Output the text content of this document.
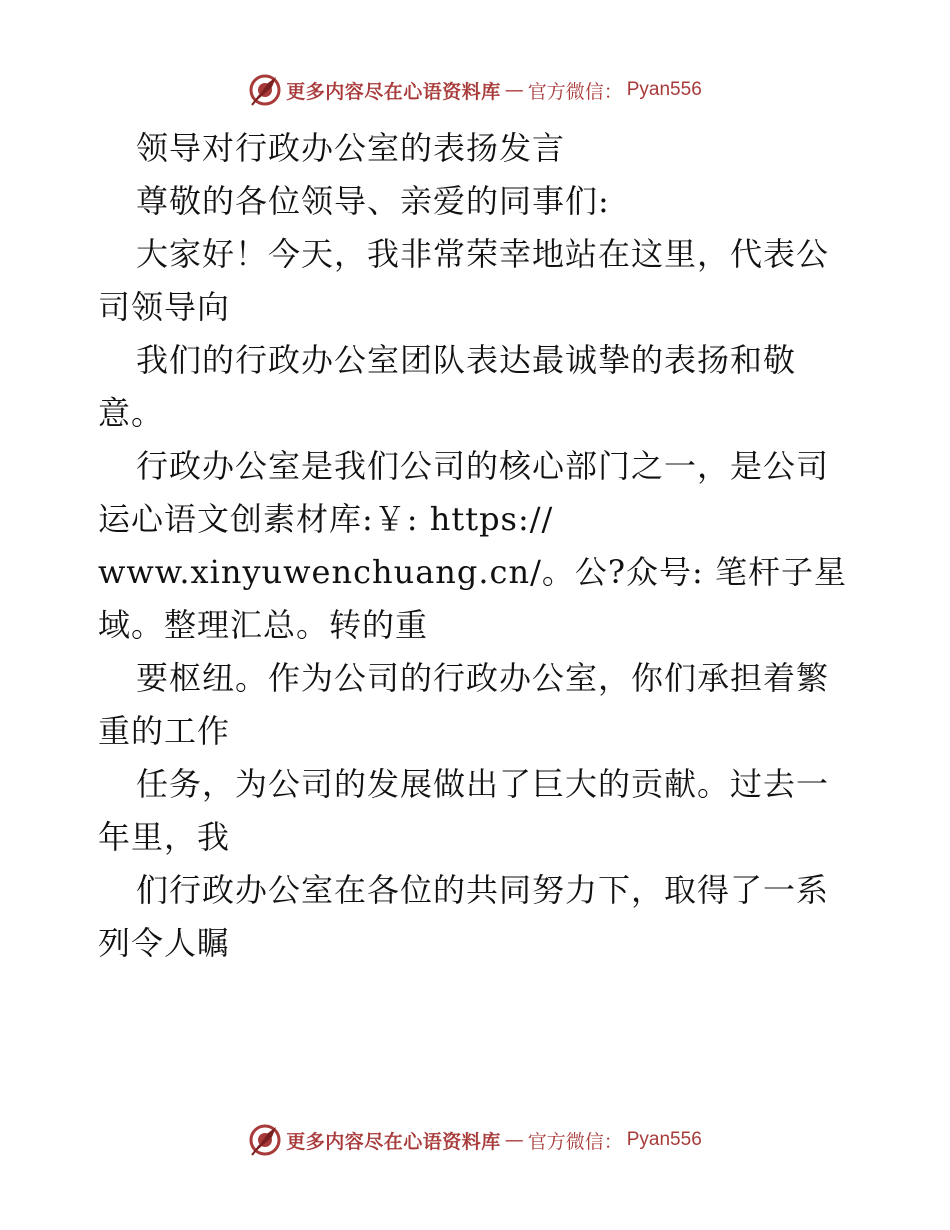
更多内容尽在心语资料库 — 官方微信： Pyan556
领导对行政办公室的表扬发言
尊敬的各位领导、亲爱的同事们:
大家好！今天，我非常荣幸地站在这里，代表公
司领导向
我们的行政办公室团队表达最诚挚的表扬和敬
意。
行政办公室是我们公司的核心部门之一，是公司
运心语文创素材库:￥: https://
www.xinyuwenchuang.cn/。公?众号: 笔杆子星
域。整理汇总。转的重
要枢纽。作为公司的行政办公室，你们承担着繁
重的工作
任务，为公司的发展做出了巨大的贡献。过去一
年里，我
们行政办公室在各位的共同努力下，取得了一系
列令人瞩
更多内容尽在心语资料库 — 官方微信： Pyan556
